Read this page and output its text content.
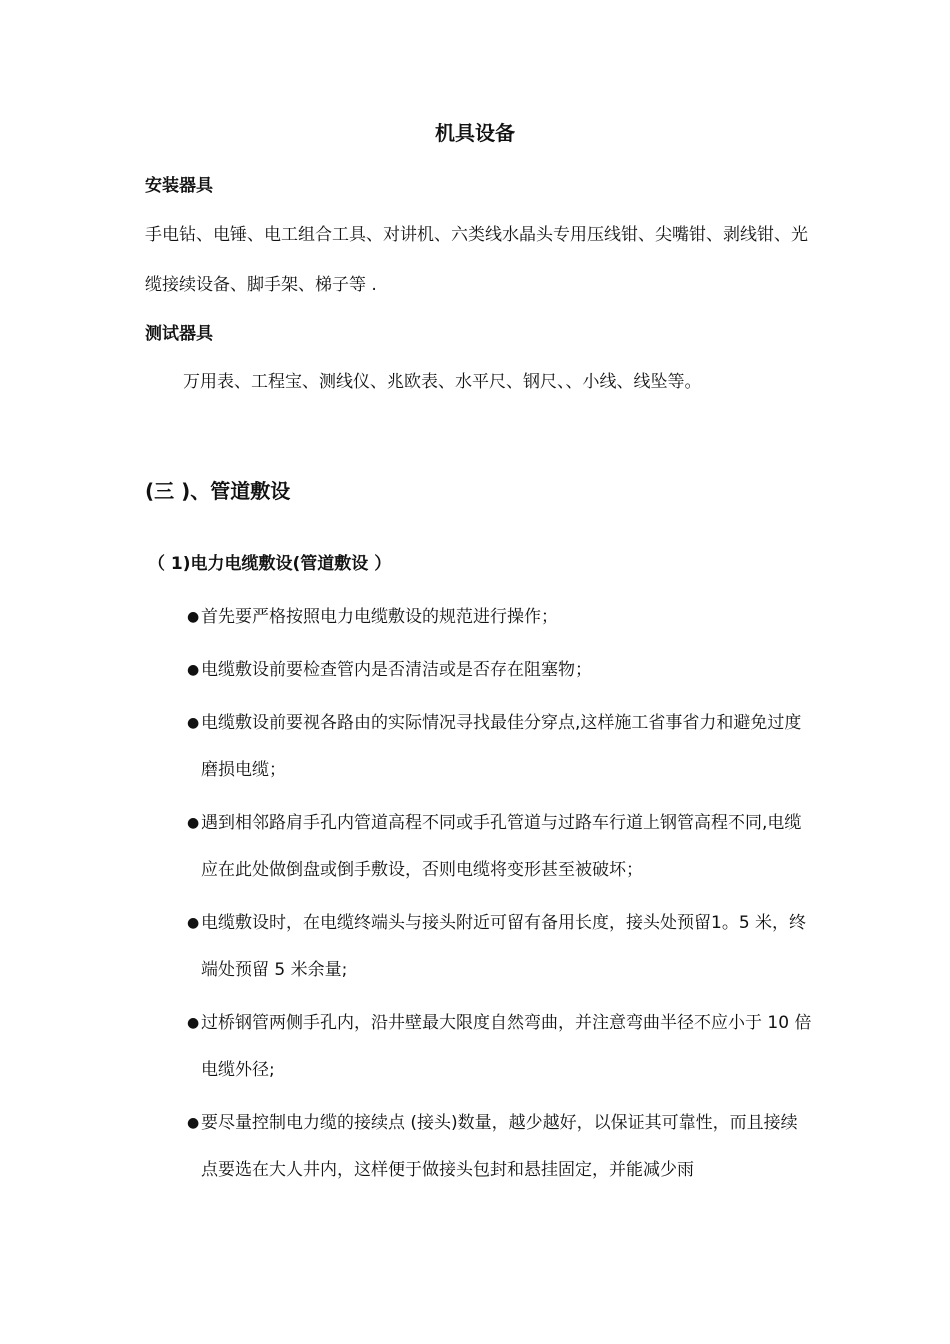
机具设备
安装器具
手电钻、电锤、电工组合工具、对讲机、六类线水晶头专用压线钳、尖嘴钳、剥线钳、光缆接续设备、脚手架、梯子等 .
测试器具
万用表、工程宝、测线仪、兆欧表、水平尺、钢尺、、小线、线坠等。
(三 )、管道敷设
（ 1)电力电缆敷设(管道敷设 ）
● 首先要严格按照电力电缆敷设的规范进行操作；
● 电缆敷设前要检查管内是否清洁或是否存在阻塞物；
● 电缆敷设前要视各路由的实际情况寻找最佳分穿点,这样施工省事省力和避免过度磨损电缆；
● 遇到相邻路肩手孔内管道高程不同或手孔管道与过路车行道上钢管高程不同,电缆应在此处做倒盘或倒手敷设，否则电缆将变形甚至被破坏；
● 电缆敷设时，在电缆终端头与接头附近可留有备用长度，接头处预留1。5 米，终端处预留 5 米余量;
● 过桥钢管两侧手孔内，沿井壁最大限度自然弯曲，并注意弯曲半径不应小于 10 倍电缆外径;
● 要尽量控制电力缆的接续点 (接头)数量，越少越好，以保证其可靠性，而且接续点要选在大人井内，这样便于做接头包封和悬挂固定，并能减少雨
